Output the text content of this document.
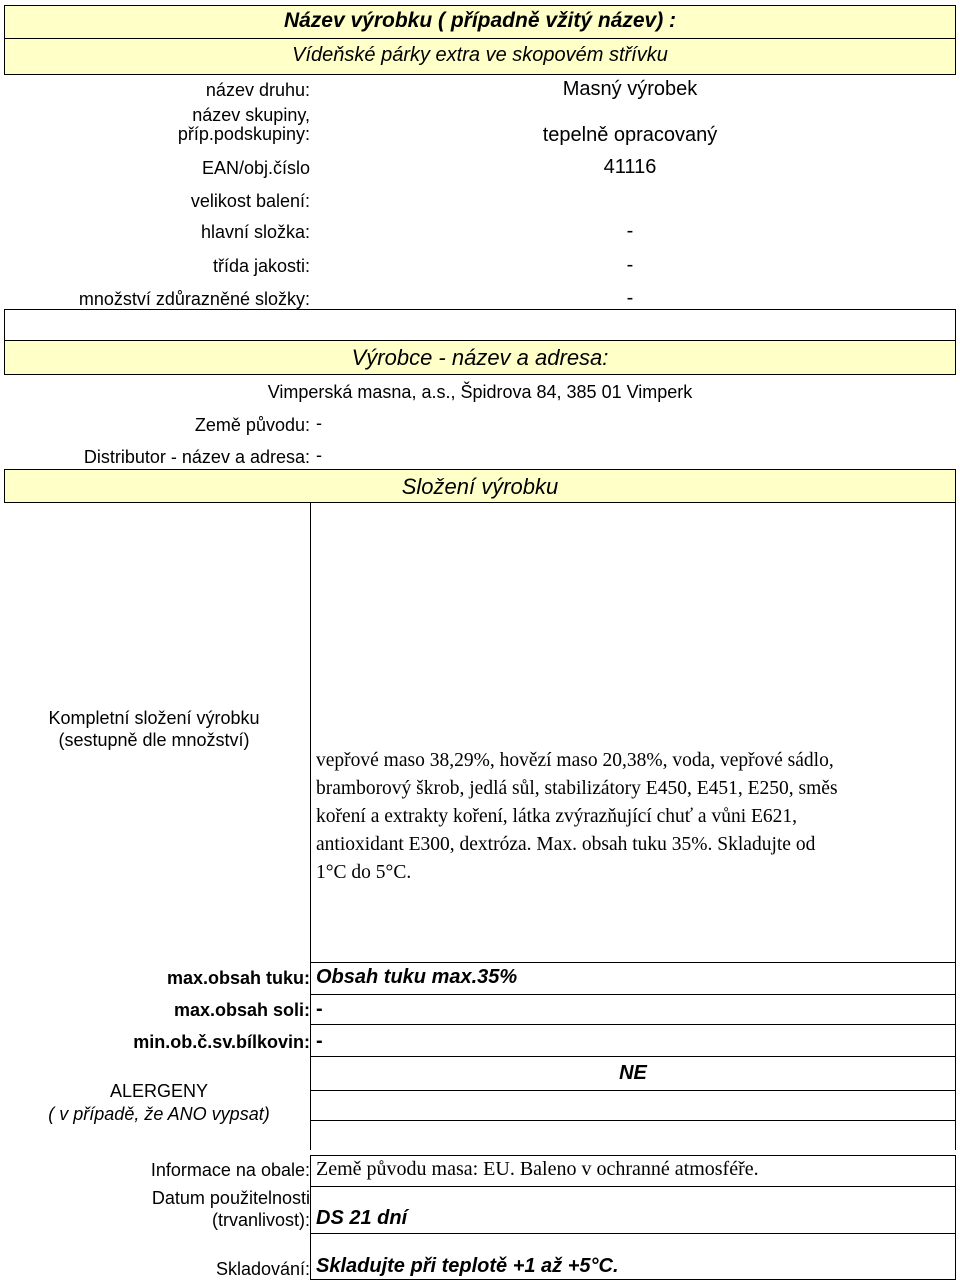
Název výrobku ( případně vžitý název) :
Vídeňské párky extra ve skopovém střívku
název druhu:	Masný výrobek
název skupiny,
příp.podskupiny:	tepelně opracovaný
EAN/obj.číslo	41116
velikost balení:
hlavní složka:	-
třída jakosti:	-
množství zdůrazněné složky:	-
Výrobce - název a adresa:
Vimperská masna, a.s., Špidrova 84, 385 01 Vimperk
Země původu: -
Distributor - název a adresa: -
Složení výrobku
Kompletní složení výrobku
(sestupně dle množství)
vepřové maso 38,29%, hovězí maso 20,38%, voda, vepřové sádlo,
bramborový škrob, jedlá sůl, stabilizátory E450, E451, E250, směs
koření a extrakty koření, látka zvýrazňující chuť a vůni E621,
antioxidant E300, dextróza. Max. obsah tuku 35%. Skladujte od
1°C do 5°C.
max.obsah tuku: Obsah tuku max.35%
max.obsah soli: -
min.ob.č.sv.bílkovin: -
ALERGENY
( v případě, že ANO vypsat)
NE
Informace na obale: Země původu masa: EU. Baleno v ochranné atmosféře.
Datum použitelnosti
(trvanlivost): DS 21 dní
Skladování: Skladujte při teplotě +1 až +5°C.
